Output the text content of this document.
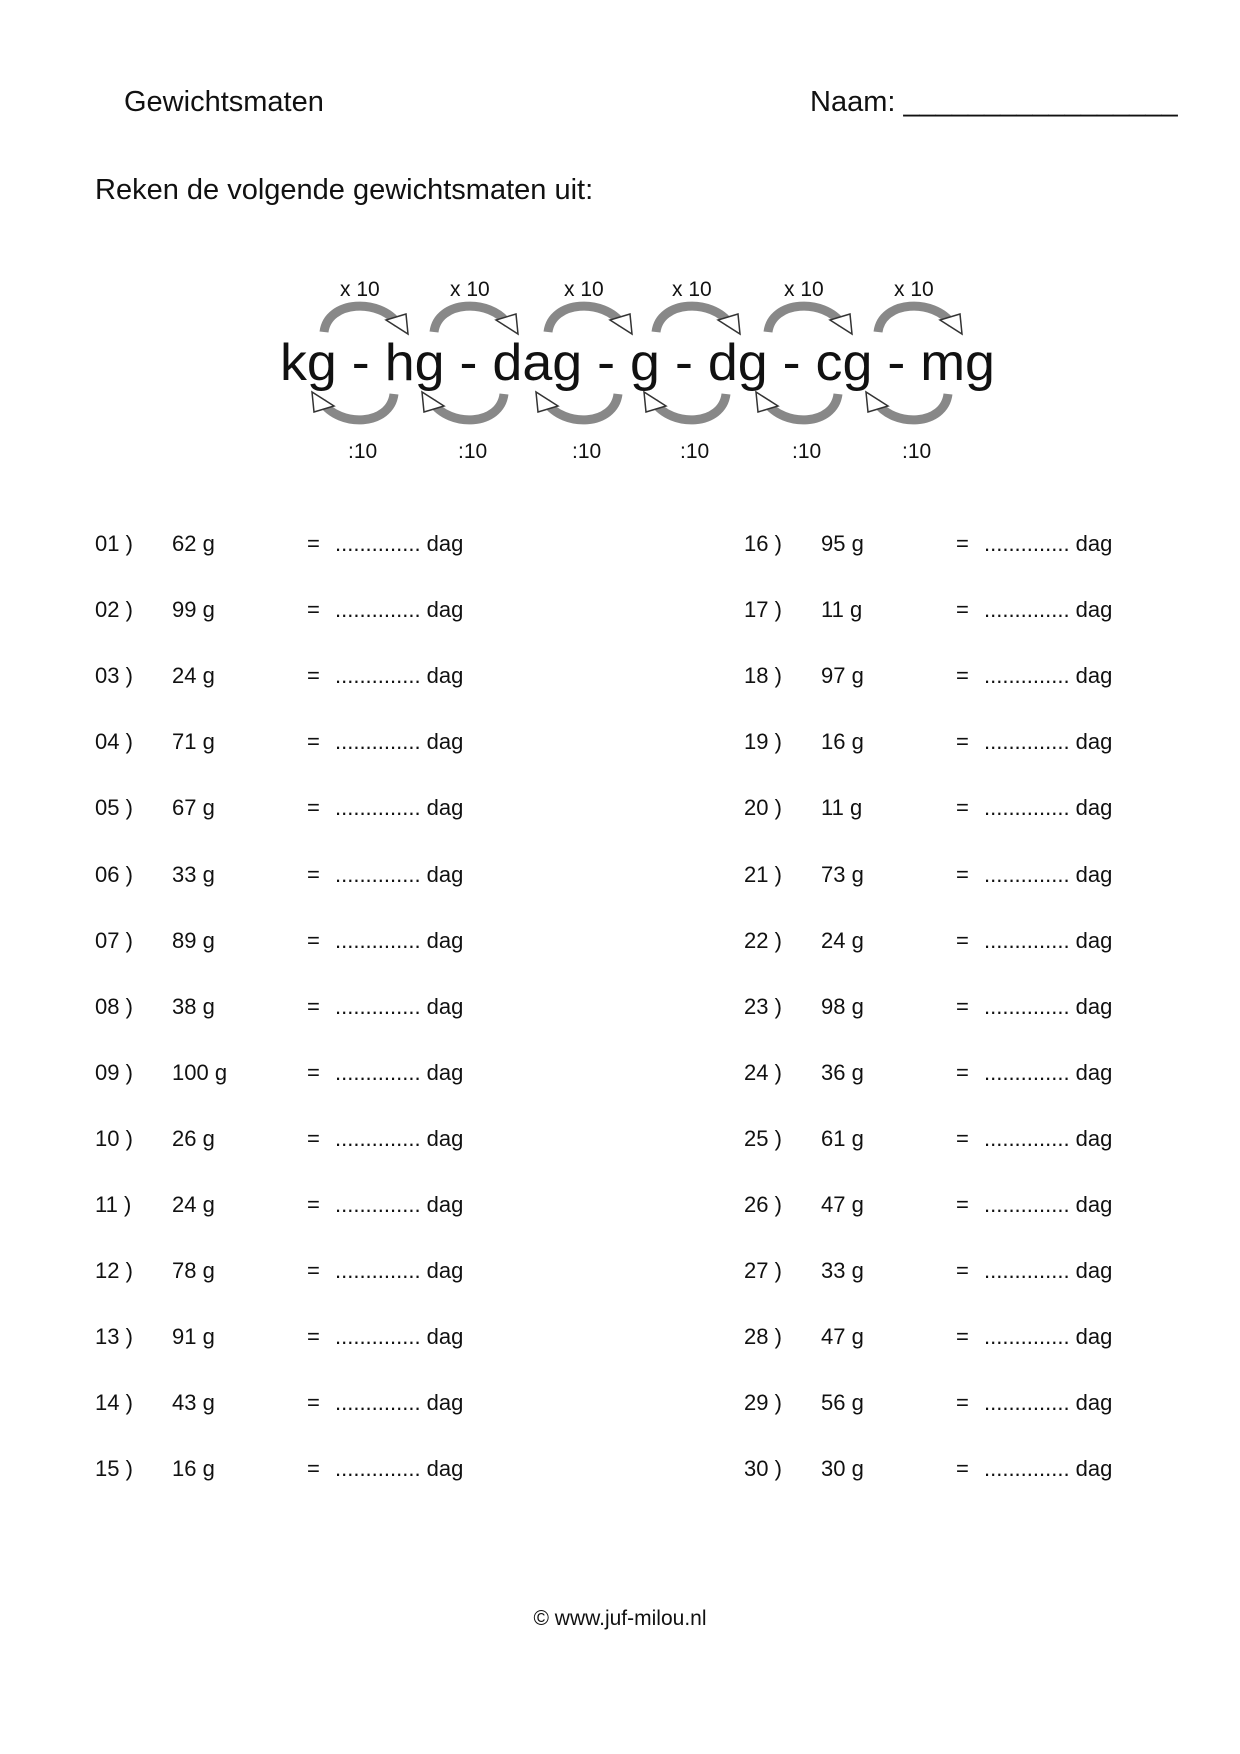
Gewichtsmaten	Naam: _________________
Reken de volgende gewichtsmaten uit:
x 10	x 10	x 10	x 10	x 10	x 10
kg - hg - dag - g - dg - cg - mg
:10	:10	:10	:10	:10	:10
01 ) 62 g	= .............. dag
02 ) 99 g	= .............. dag
03 ) 24 g	= .............. dag
04 ) 71 g	= .............. dag
05 ) 67 g	= .............. dag
06 ) 33 g	= .............. dag
07 ) 89 g	= .............. dag
08 ) 38 g	= .............. dag
09 ) 100 g	= .............. dag
10 ) 26 g	= .............. dag
11 ) 24 g	= .............. dag
12 ) 78 g	= .............. dag
13 ) 91 g	= .............. dag
14 ) 43 g	= .............. dag
15 ) 16 g	= .............. dag
16 ) 95 g	= .............. dag
17 ) 11 g	= .............. dag
18 ) 97 g	= .............. dag
19 ) 16 g	= .............. dag
20 ) 11 g	= .............. dag
21 ) 73 g	= .............. dag
22 ) 24 g	= .............. dag
23 ) 98 g	= .............. dag
24 ) 36 g	= .............. dag
25 ) 61 g	= .............. dag
26 ) 47 g	= .............. dag
27 ) 33 g	= .............. dag
28 ) 47 g	= .............. dag
29 ) 56 g	= .............. dag
30 ) 30 g	= .............. dag
© www.juf-milou.nl
